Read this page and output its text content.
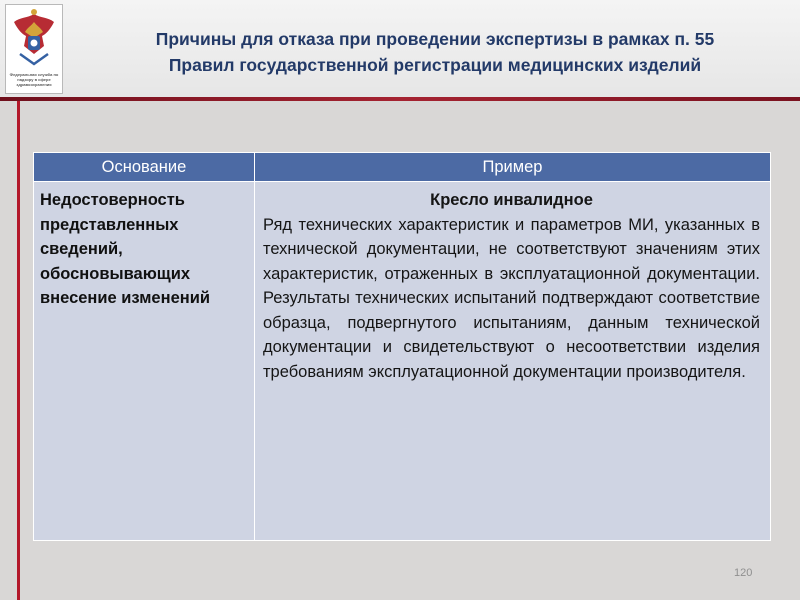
Федеральная служба по надзору в сфере здравоохранения
Причины для отказа при проведении экспертизы в рамках п. 55
Правил государственной регистрации медицинских изделий
Основание	Пример
Недостоверность представленных сведений, обосновывающих внесение изменений	Кресло инвалидное
Ряд технических характеристик и параметров МИ, указанных в технической документации, не соответствуют значениям этих характеристик, отраженных в эксплуатационной документации. Результаты технических испытаний подтверждают соответствие образца, подвергнутого испытаниям, данным технической документации и свидетельствуют о несоответствии изделия требованиям эксплуатационной документации производителя.
120
